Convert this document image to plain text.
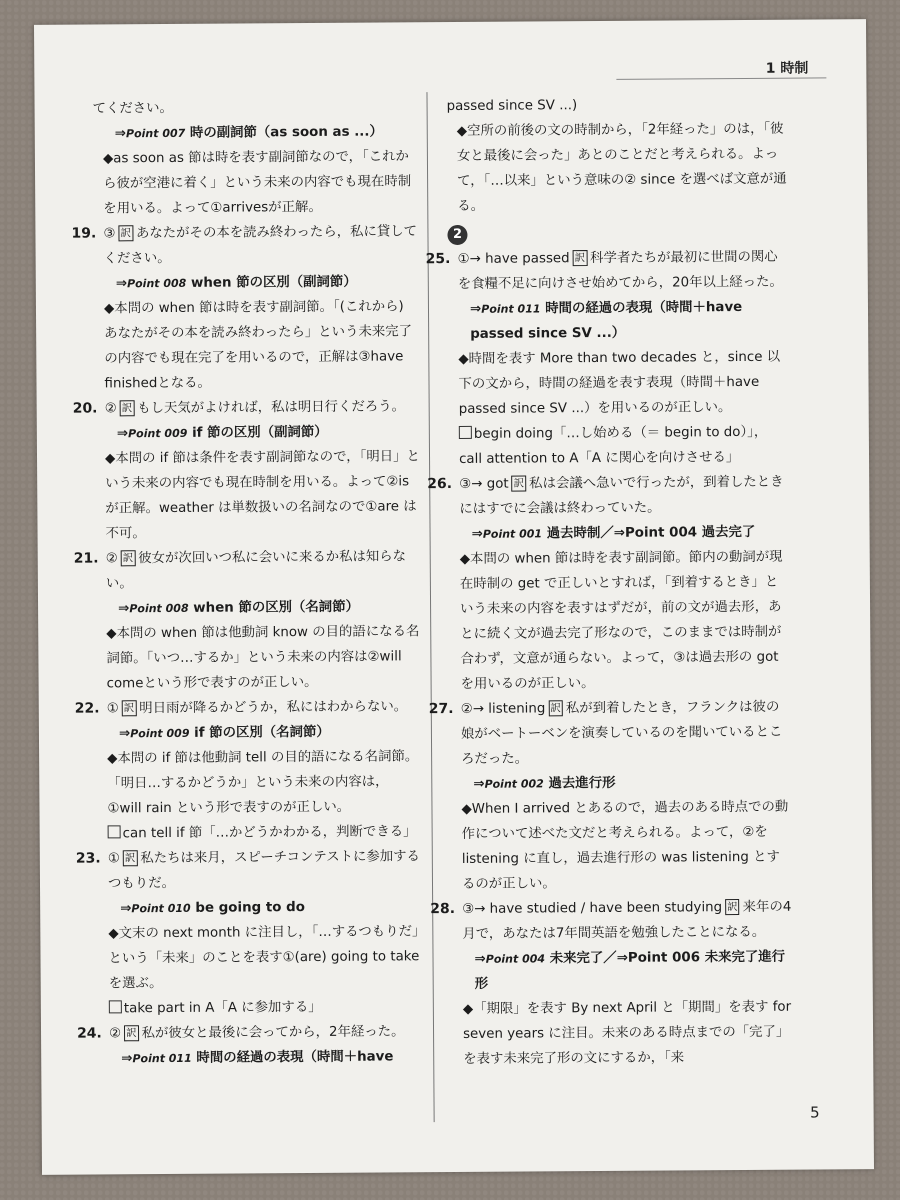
1 時制
てください。
⇒Point 007 時の副詞節（as soon as ...）
◆as soon as 節は時を表す副詞節なので，「これから彼が空港に着く」という未来の内容でも現在時制を用いる。よって①arrivesが正解。
19. ③ 訳 あなたがその本を読み終わったら，私に貸してください。
⇒Point 008 when 節の区別（副詞節）
◆本問の when 節は時を表す副詞節。「(これから) あなたがその本を読み終わったら」という未来完了の内容でも現在完了を用いるので，正解は③have finishedとなる。
20. ② 訳 もし天気がよければ，私は明日行くだろう。
⇒Point 009 if 節の区別（副詞節）
◆本問の if 節は条件を表す副詞節なので，「明日」という未来の内容でも現在時制を用いる。よって②isが正解。weather は単数扱いの名詞なので①are は不可。
21. ② 訳 彼女が次回いつ私に会いに来るか私は知らない。
⇒Point 008 when 節の区別（名詞節）
◆本問の when 節は他動詞 know の目的語になる名詞節。「いつ…するか」という未来の内容は②will comeという形で表すのが正しい。
22. ① 訳 明日雨が降るかどうか，私にはわからない。
⇒Point 009 if 節の区別（名詞節）
◆本問の if 節は他動詞 tell の目的語になる名詞節。「明日…するかどうか」という未来の内容は，①will rain という形で表すのが正しい。
can tell if 節「…かどうかわかる，判断できる」
23. ① 訳 私たちは来月，スピーチコンテストに参加するつもりだ。
⇒Point 010 be going to do
◆文末の next month に注目し，「…するつもりだ」という「未来」のことを表す①(are) going to take を選ぶ。
take part in A「A に参加する」
24. ② 訳 私が彼女と最後に会ってから，2年経った。
⇒Point 011 時間の経過の表現（時間＋have
passed since SV ...)
◆空所の前後の文の時制から，「2年経った」のは，「彼女と最後に会った」あとのことだと考えられる。よって，「…以来」という意味の② since を選べば文意が通る。
2
25. ①→ have passed 訳 科学者たちが最初に世間の関心を食糧不足に向けさせ始めてから，20年以上経った。
⇒Point 011 時間の経過の表現（時間＋have passed since SV ...）
◆時間を表す More than two decades と，since 以下の文から，時間の経過を表す表現（時間＋have passed since SV ...）を用いるのが正しい。
begin doing「…し始める（＝ begin to do）」，call attention to A「A に関心を向けさせる」
26. ③→ got 訳 私は会議へ急いで行ったが，到着したときにはすでに会議は終わっていた。
⇒Point 001 過去時制／⇒Point 004 過去完了
◆本問の when 節は時を表す副詞節。節内の動詞が現在時制の get で正しいとすれば，「到着するとき」という未来の内容を表すはずだが，前の文が過去形，あとに続く文が過去完了形なので，このままでは時制が合わず，文意が通らない。よって，③は過去形の got を用いるのが正しい。
27. ②→ listening 訳 私が到着したとき，フランクは彼の娘がベートーベンを演奏しているのを聞いているところだった。
⇒Point 002 過去進行形
◆When I arrived とあるので，過去のある時点での動作について述べた文だと考えられる。よって，②を listening に直し，過去進行形の was listening とするのが正しい。
28. ③→ have studied / have been studying 訳 来年の4月で，あなたは7年間英語を勉強したことになる。
⇒Point 004 未来完了／⇒Point 006 未来完了進行形
◆「期限」を表す By next April と「期間」を表す for seven years に注目。未来のある時点までの「完了」を表す未来完了形の文にするか，「来
5
